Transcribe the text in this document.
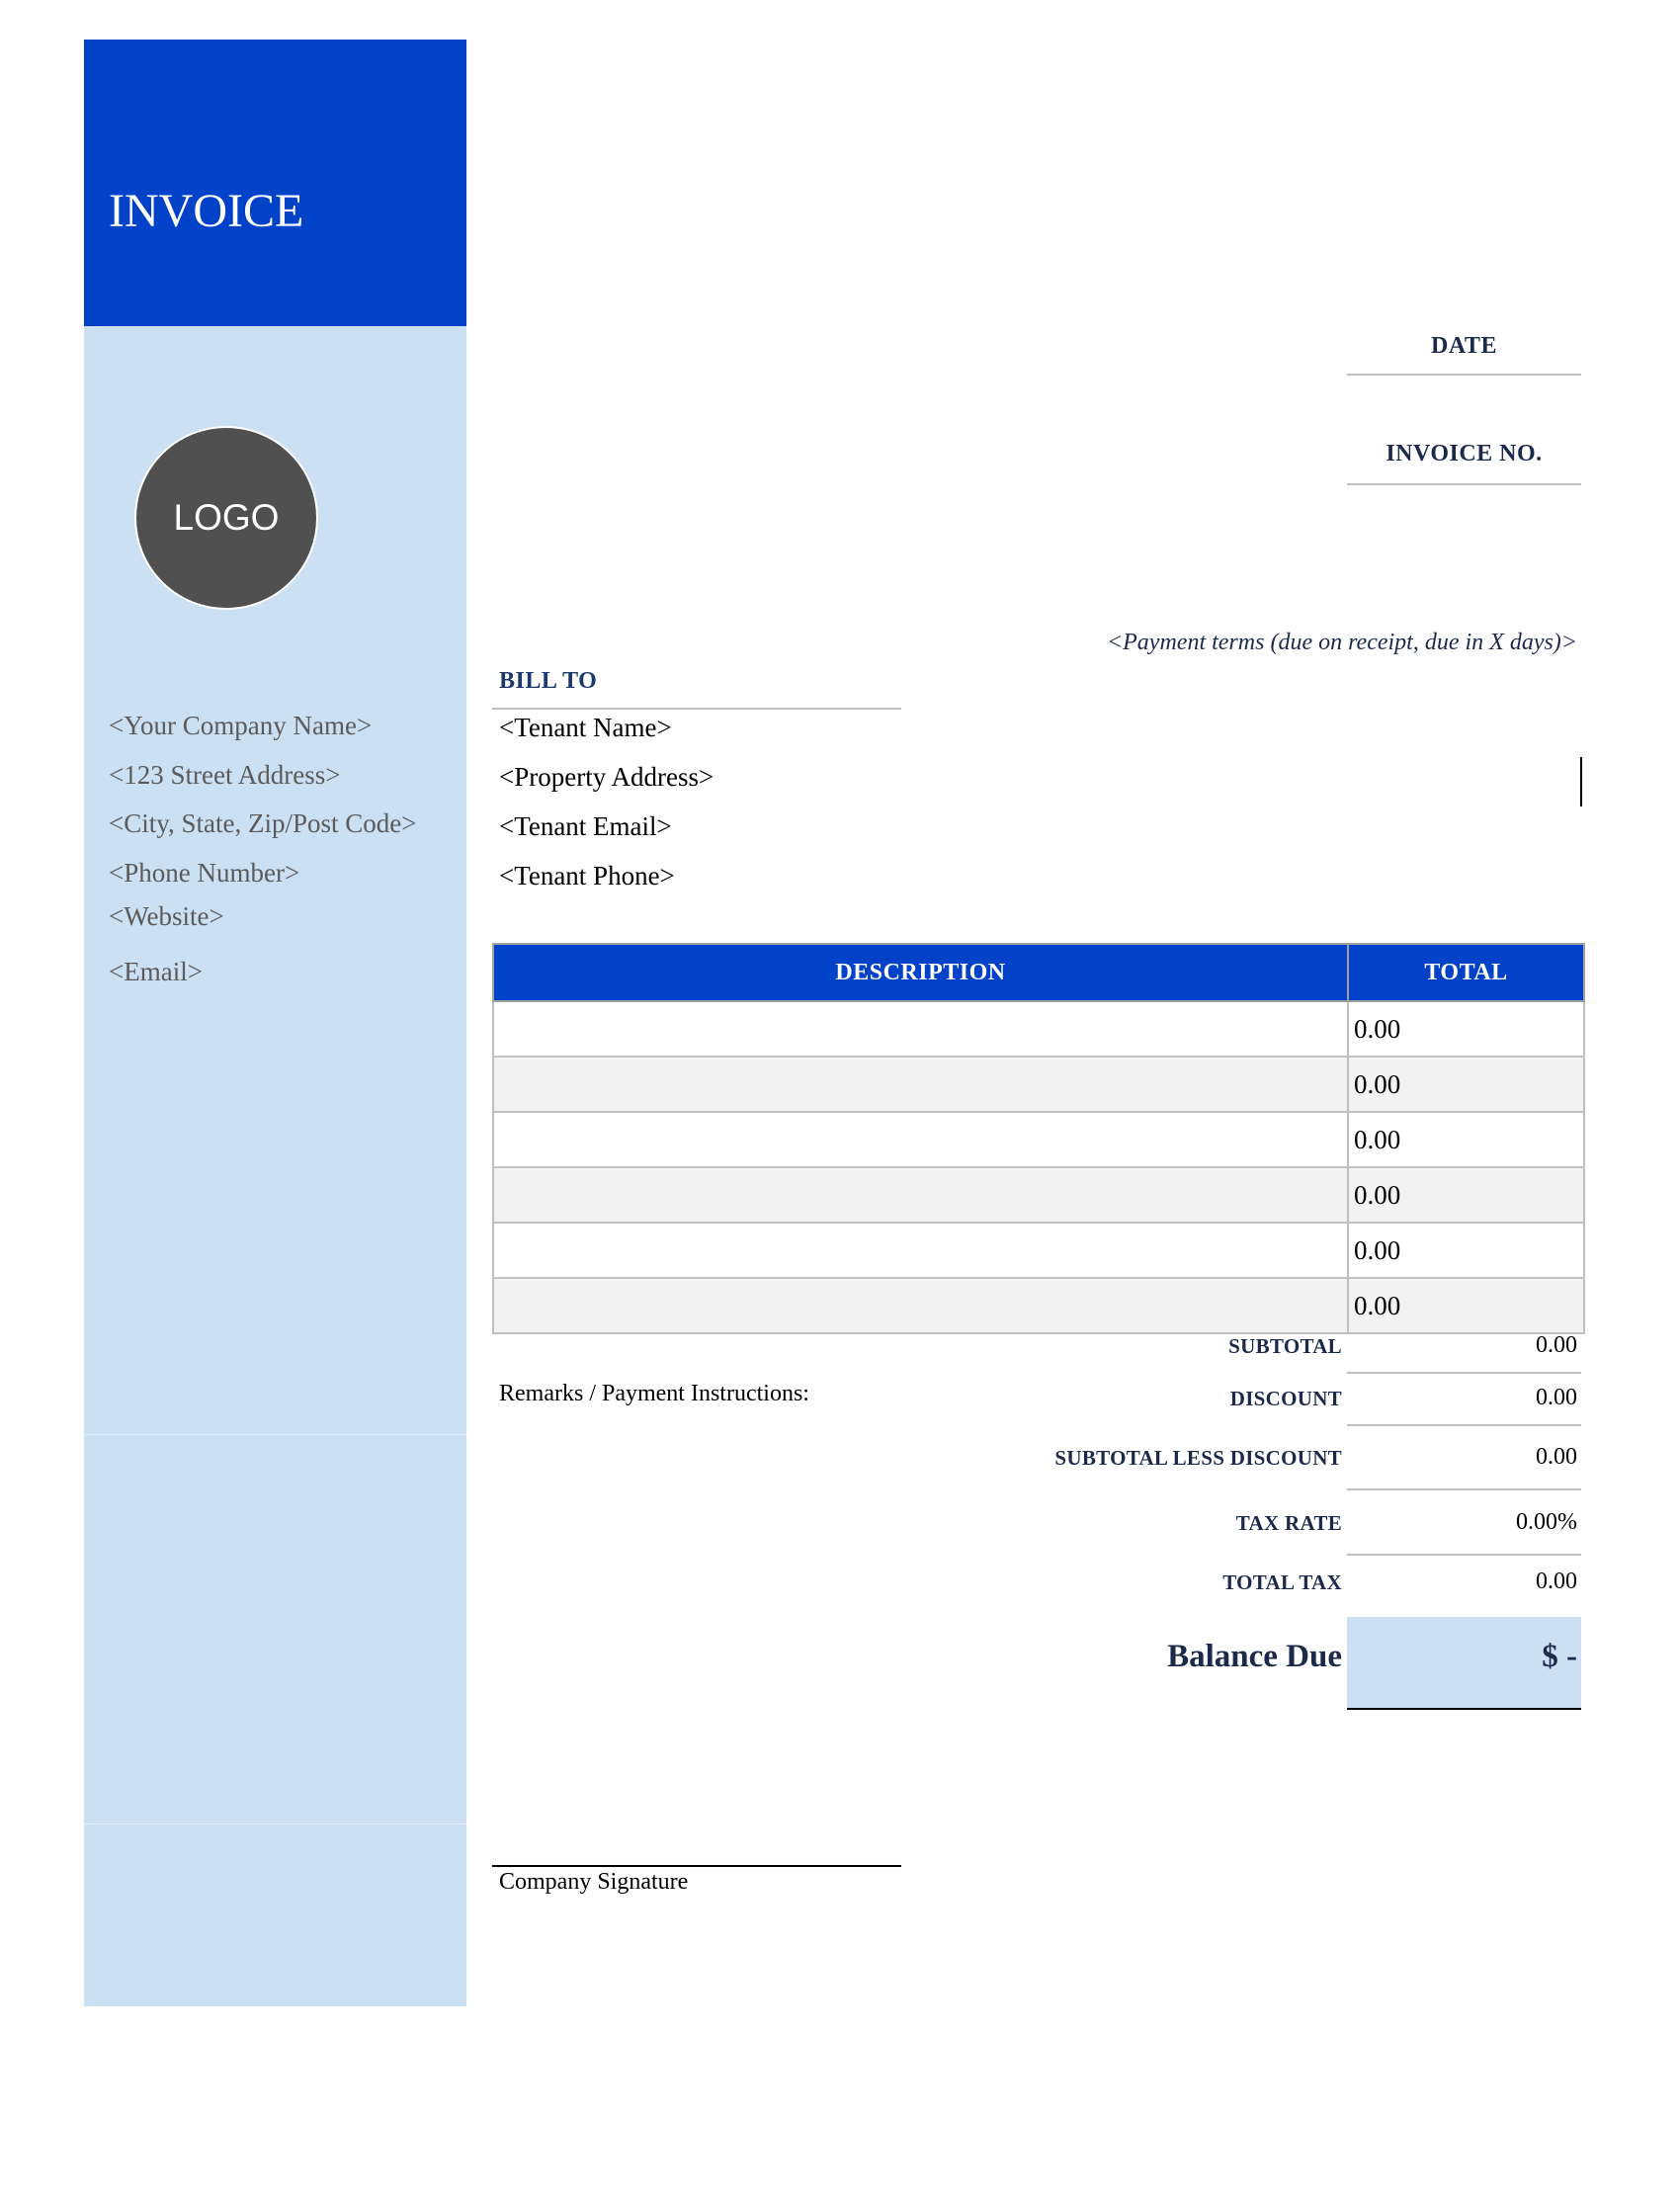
INVOICE
LOGO
<Your Company Name>
<123 Street Address>
<City, State, Zip/Post Code>
<Phone Number>
<Website>
<Email>
DATE
INVOICE NO.
<Payment terms (due on receipt, due in X days)>
BILL TO
<Tenant Name>
<Property Address>
<Tenant Email>
<Tenant Phone>
DESCRIPTION	TOTAL
	0.00
	0.00
	0.00
	0.00
	0.00
	0.00
Remarks / Payment Instructions:
SUBTOTAL	0.00
DISCOUNT	0.00
SUBTOTAL LESS DISCOUNT	0.00
TAX RATE	0.00%
TOTAL TAX	0.00
Balance Due	$ -
Company Signature
